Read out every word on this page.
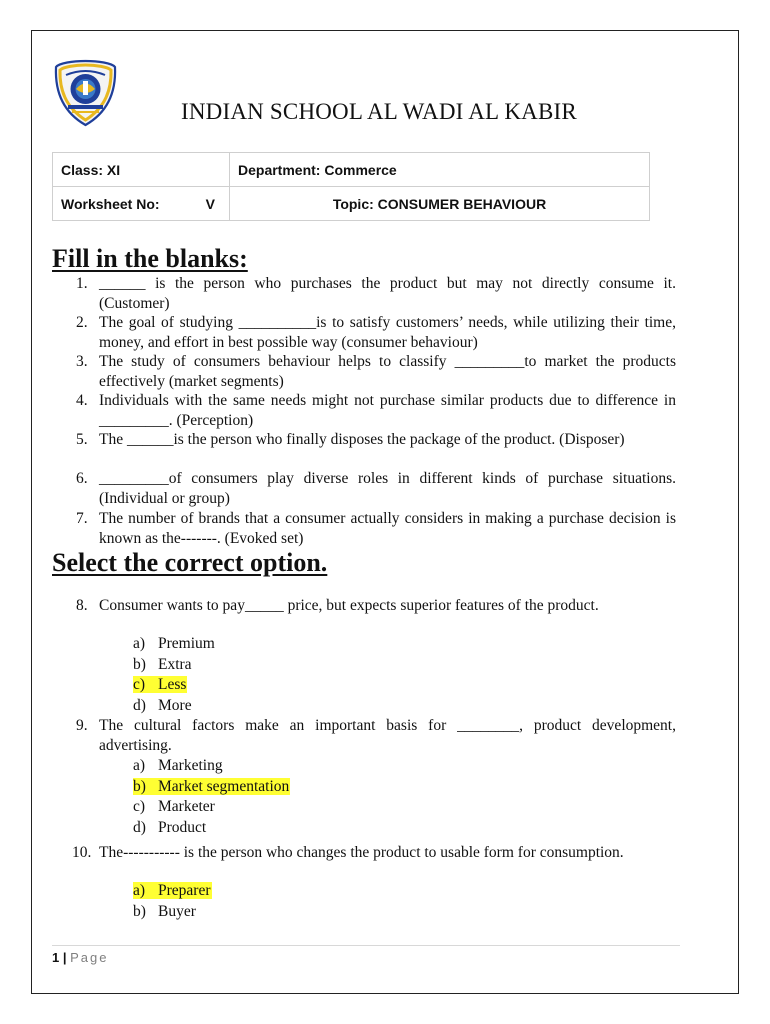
INDIAN SCHOOL AL WADI AL KABIR
Class: XI	Department: Commerce

Worksheet No: V	Topic: CONSUMER BEHAVIOUR
Fill in the blanks:
1. ______ is the person who purchases the product but may not directly consume it. (Customer)
2. The goal of studying __________is to satisfy customers’ needs, while utilizing their time, money, and effort in best possible way (consumer behaviour)
3. The study of consumers behaviour helps to classify _________to market the products effectively (market segments)
4. Individuals with the same needs might not purchase similar products due to difference in _________. (Perception)
5. The ______is the person who finally disposes the package of the product. (Disposer)
6. _________of consumers play diverse roles in different kinds of purchase situations. (Individual or group)
7. The number of brands that a consumer actually considers in making a purchase decision is known as the-------. (Evoked set)
Select the correct option.
8. Consumer wants to pay_____ price, but expects superior features of the product.
a) Premium
b) Extra
c) Less
d) More
9. The cultural factors make an important basis for ________, product development, advertising.
a) Marketing
b) Market segmentation
c) Marketer
d) Product
10. The----------- is the person who changes the product to usable form for consumption.
a) Preparer
b) Buyer
1 | Page
